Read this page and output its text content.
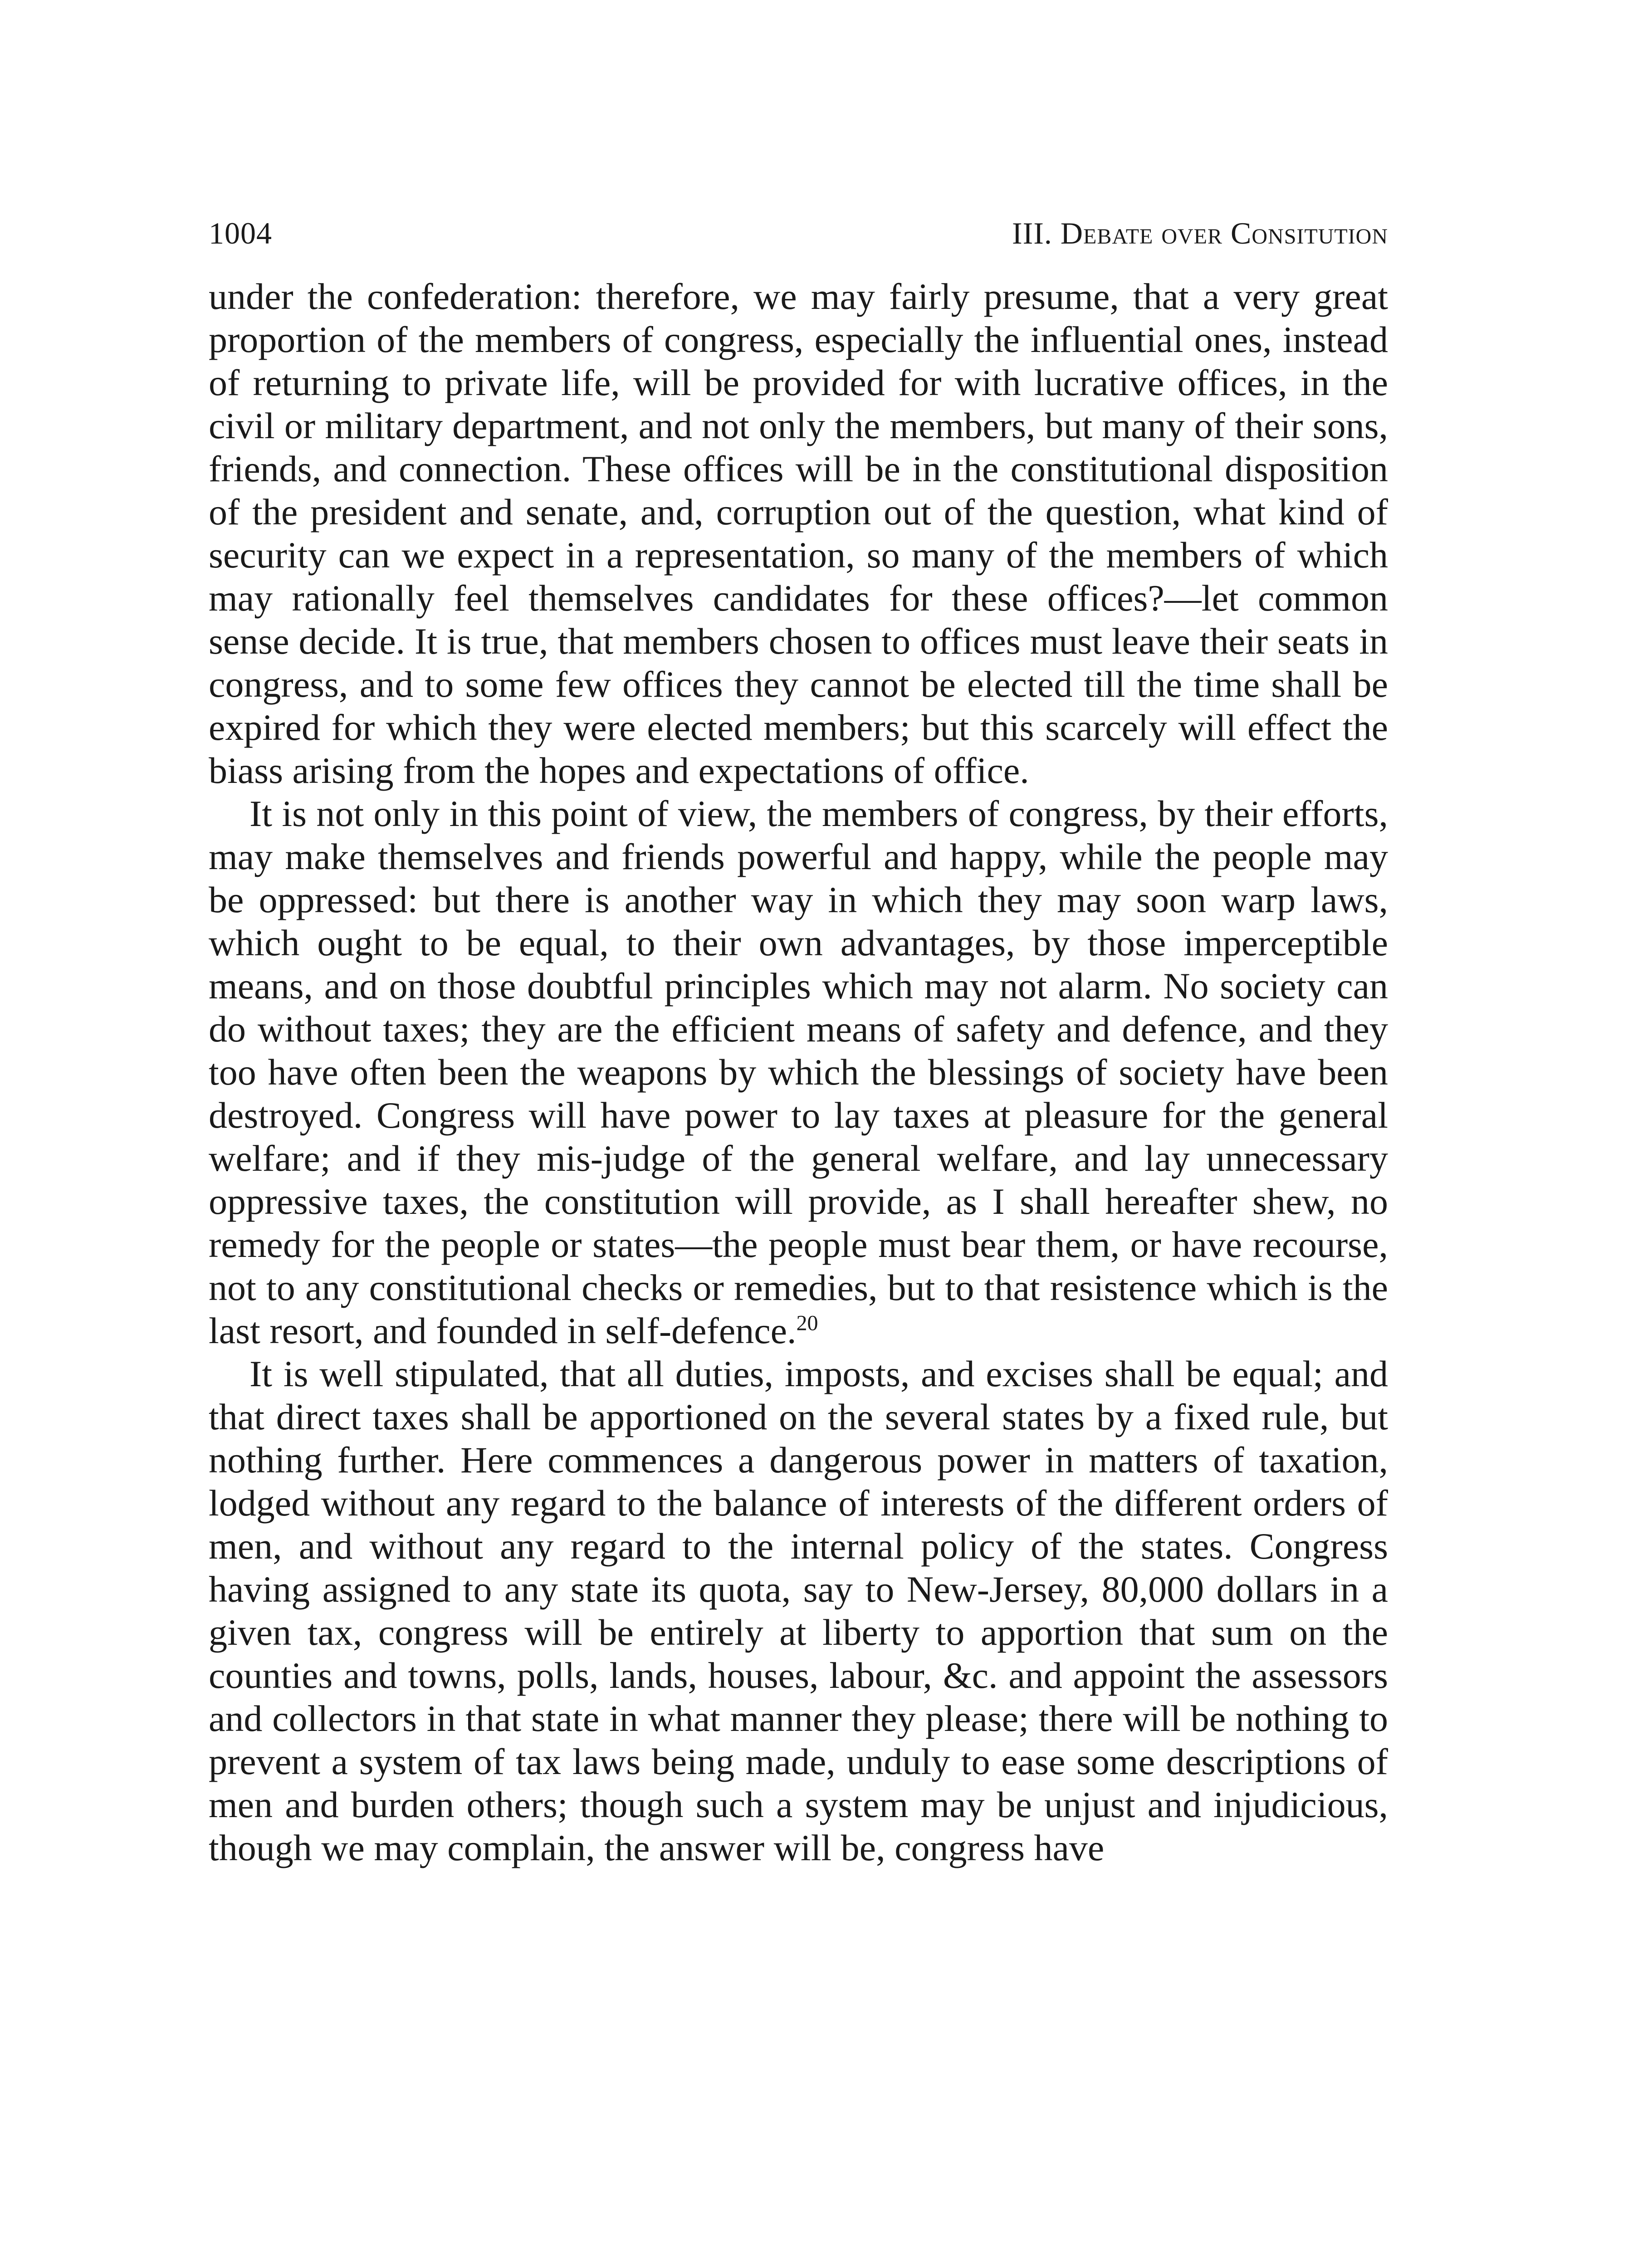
1004	III. Debate over Consitution

under the confederation: therefore, we may fairly presume, that a very great proportion of the members of congress, especially the influential ones, instead of returning to private life, will be provided for with lucrative offices, in the civil or military department, and not only the members, but many of their sons, friends, and connection. These offices will be in the constitutional disposition of the president and senate, and, corruption out of the question, what kind of security can we expect in a representation, so many of the members of which may rationally feel themselves candidates for these offices?—let common sense decide. It is true, that members chosen to offices must leave their seats in congress, and to some few offices they cannot be elected till the time shall be expired for which they were elected members; but this scarcely will effect the biass arising from the hopes and expectations of office.

It is not only in this point of view, the members of congress, by their efforts, may make themselves and friends powerful and happy, while the people may be oppressed: but there is another way in which they may soon warp laws, which ought to be equal, to their own advantages, by those imperceptible means, and on those doubtful principles which may not alarm. No society can do without taxes; they are the efficient means of safety and defence, and they too have often been the weapons by which the blessings of society have been destroyed. Congress will have power to lay taxes at pleasure for the general welfare; and if they mis-judge of the general welfare, and lay unnecessary oppressive taxes, the constitution will provide, as I shall hereafter shew, no remedy for the people or states—the people must bear them, or have recourse, not to any constitutional checks or remedies, but to that resistence which is the last resort, and founded in self-defence.$^{20}$

It is well stipulated, that all duties, imposts, and excises shall be equal; and that direct taxes shall be apportioned on the several states by a fixed rule, but nothing further. Here commences a dangerous power in matters of taxation, lodged without any regard to the balance of interests of the different orders of men, and without any regard to the internal policy of the states. Congress having assigned to any state its quota, say to New-Jersey, 80,000 dollars in a given tax, congress will be entirely at liberty to apportion that sum on the counties and towns, polls, lands, houses, labour, &c. and appoint the assessors and collectors in that state in what manner they please; there will be nothing to prevent a system of tax laws being made, unduly to ease some descriptions of men and burden others; though such a system may be unjust and injudicious, though we may complain, the answer will be, congress have
